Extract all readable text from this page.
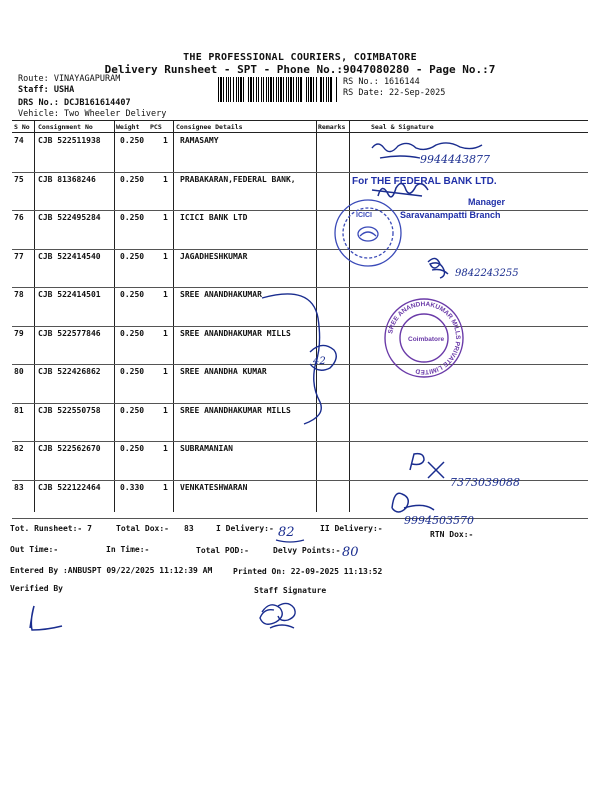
THE PROFESSIONAL COURIERS, COIMBATORE
Delivery Runsheet - SPT - Phone No.:9047080280 - Page No.:7
Route: VINAYAGAPURAM
Staff: USHA
DRS No.: DCJB161614407
Vehicle: Two Wheeler Delivery
RS No.: 1616144
RS Date: 22-Sep-2025
S No Consignment No	Weight PCS Consignee Details	Remarks	Seal & Signature
74 CJB 522511938 0.250 1 RAMASAMY
75 CJB 81368246	0.250 1 PRABAKARAN,FEDERAL BANK,
76 CJB 522495284 0.250 1 ICICI BANK LTD
77 CJB 522414540 0.250 1 JAGADHESHKUMAR
78 CJB 522414501 0.250 1 SREE ANANDHAKUMAR
79 CJB 522577846 0.250 1 SREE ANANDHAKUMAR MILLS
80 CJB 522426862 0.250 1 SREE ANANDHA KUMAR
81 CJB 522550758 0.250 1 SREE ANANDHAKUMAR MILLS
82 CJB 522562670 0.250 1 SUBRAMANIAN
83 CJB 522122464 0.330 1 VENKATESHWARAN
9944443877
For THE FEDERAL BANK LTD.
Manager
Saravanampatti Branch
ICICI
9842243255
SREE ANANDHAKUMAR MILLS PRIVATE LIMITED
Coimbatore
42
7373039088
9994503570
82
80
Tot. Runsheet:- 7	Total Dox:- 83	I Delivery:-	II Delivery:-
RTN Dox:-
Out Time:-	In Time:-	Total POD:-	Delvy Points:-
Entered By :ANBUSPT 09/22/2025 11:12:39 AM	Printed On: 22-09-2025 11:13:52
Verified By	Staff Signature
